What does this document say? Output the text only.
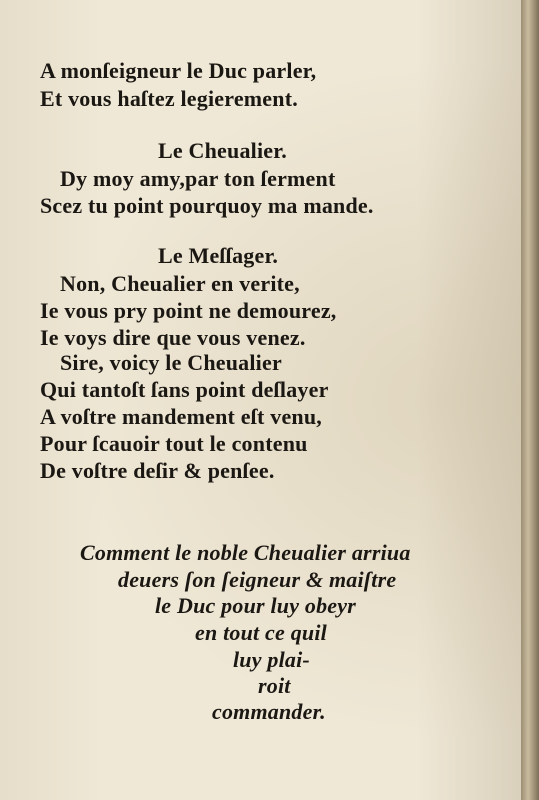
A monſeigneur le Duc parler,
Et vous haſtez legierement.
Le Cheualier.
Dy moy amy,par ton ſerment
Scez tu point pourquoy ma mande.
Le Meſſager.
Non, Cheualier en verite,
Ie vous pry point ne demourez,
Ie voys dire que vous venez.
Sire, voicy le Cheualier
Qui tantoſt ſans point deſlayer
A voſtre mandement eſt venu,
Pour ſcauoir tout le contenu
De voſtre deſir & penſee.
Comment le noble Cheualier arriua
deuers ſon ſeigneur & maiſtre
le Duc pour luy obeyr
en tout ce quil
luy plai-
roit
commander.
